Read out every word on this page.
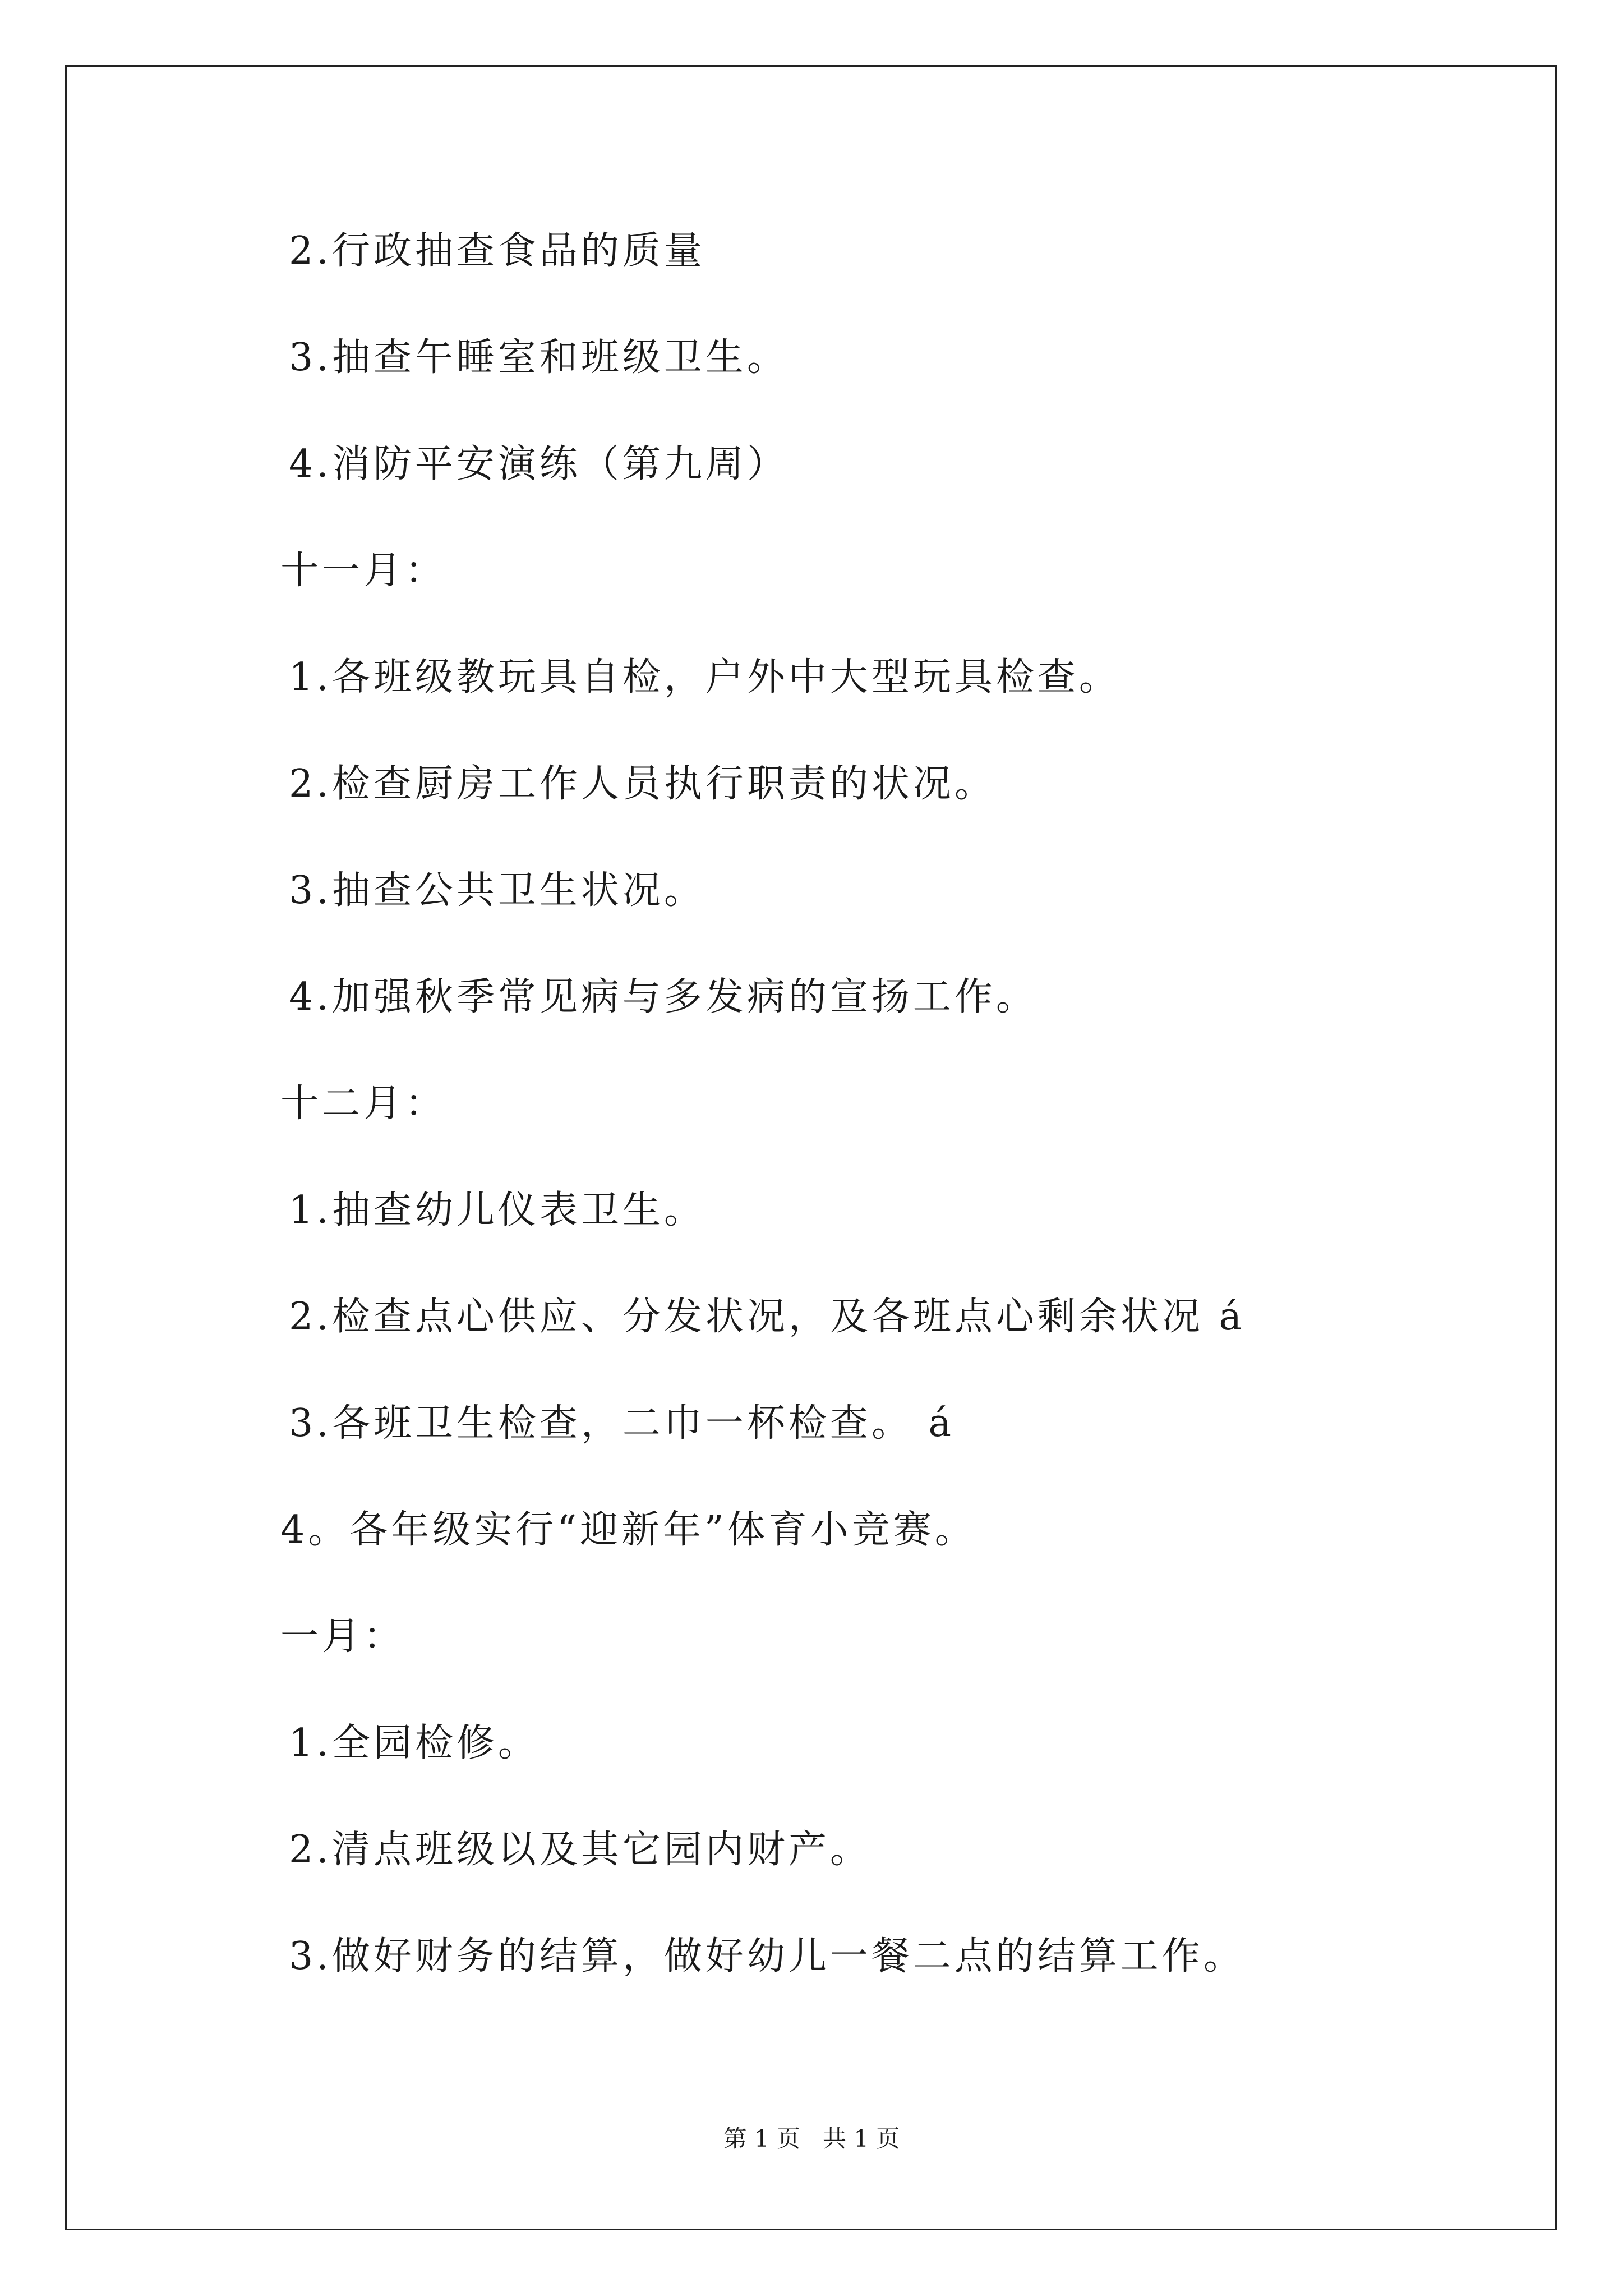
2.行政抽查食品的质量
3.抽查午睡室和班级卫生。
4.消防平安演练（第九周）
十一月：
1.各班级教玩具自检，户外中大型玩具检查。
2.检查厨房工作人员执行职责的状况。
3.抽查公共卫生状况。
4.加强秋季常见病与多发病的宣扬工作。
十二月：
1.抽查幼儿仪表卫生。
2.检查点心供应、分发状况，及各班点心剩余状况 á
3.各班卫生检查，二巾一杯检查。 á
4。各年级实行“迎新年”体育小竞赛。
一月：
1.全园检修。
2.清点班级以及其它园内财产。
3.做好财务的结算，做好幼儿一餐二点的结算工作。
第 1 页 共 1 页
